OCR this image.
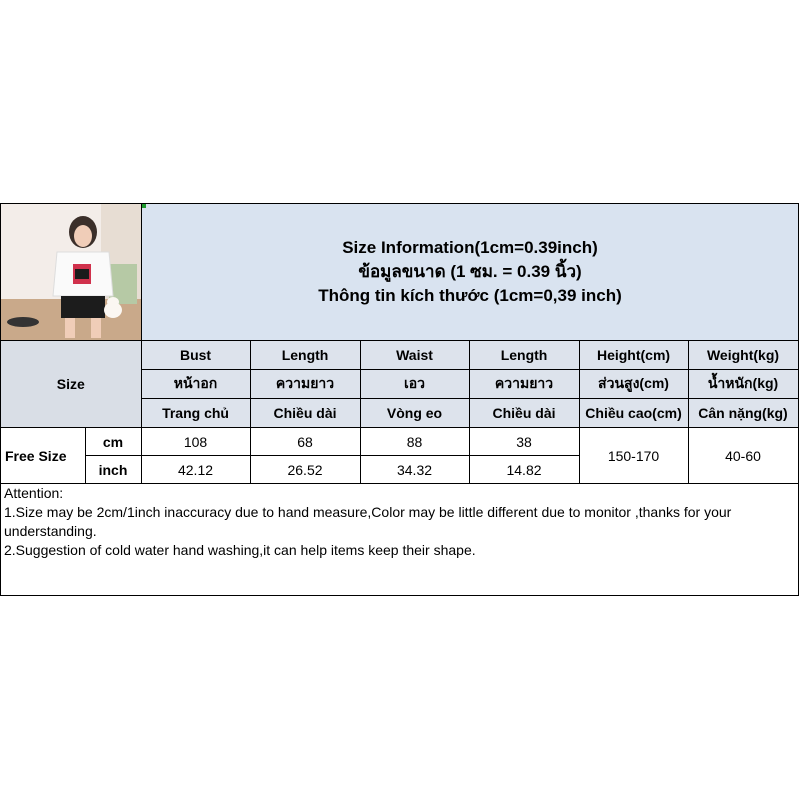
Size Information(1cm=0.39inch)
ข้อมูลขนาด (1 ซม. = 0.39 นิ้ว)
Thông tin kích thước (1cm=0,39 inch)
Size		Bust	Length	Waist	Length	Height(cm)	Weight(kg)
		หน้าอก	ความยาว	เอว	ความยาว	ส่วนสูง(cm)	น้ำหนัก(kg)
		Trang chủ	Chiều dài	Vòng eo	Chiều dài	Chiều cao(cm)	Cân nặng(kg)
Free Size	cm	108	68	88	38	150-170	40-60
	inch	42.12	26.52	34.32	14.82		

Attention:

1.Size may be 2cm/1inch inaccuracy due to hand measure,Color may be little different due to monitor ,thanks for your understanding.

2.Suggestion of cold water hand washing,it can help items keep their shape.
